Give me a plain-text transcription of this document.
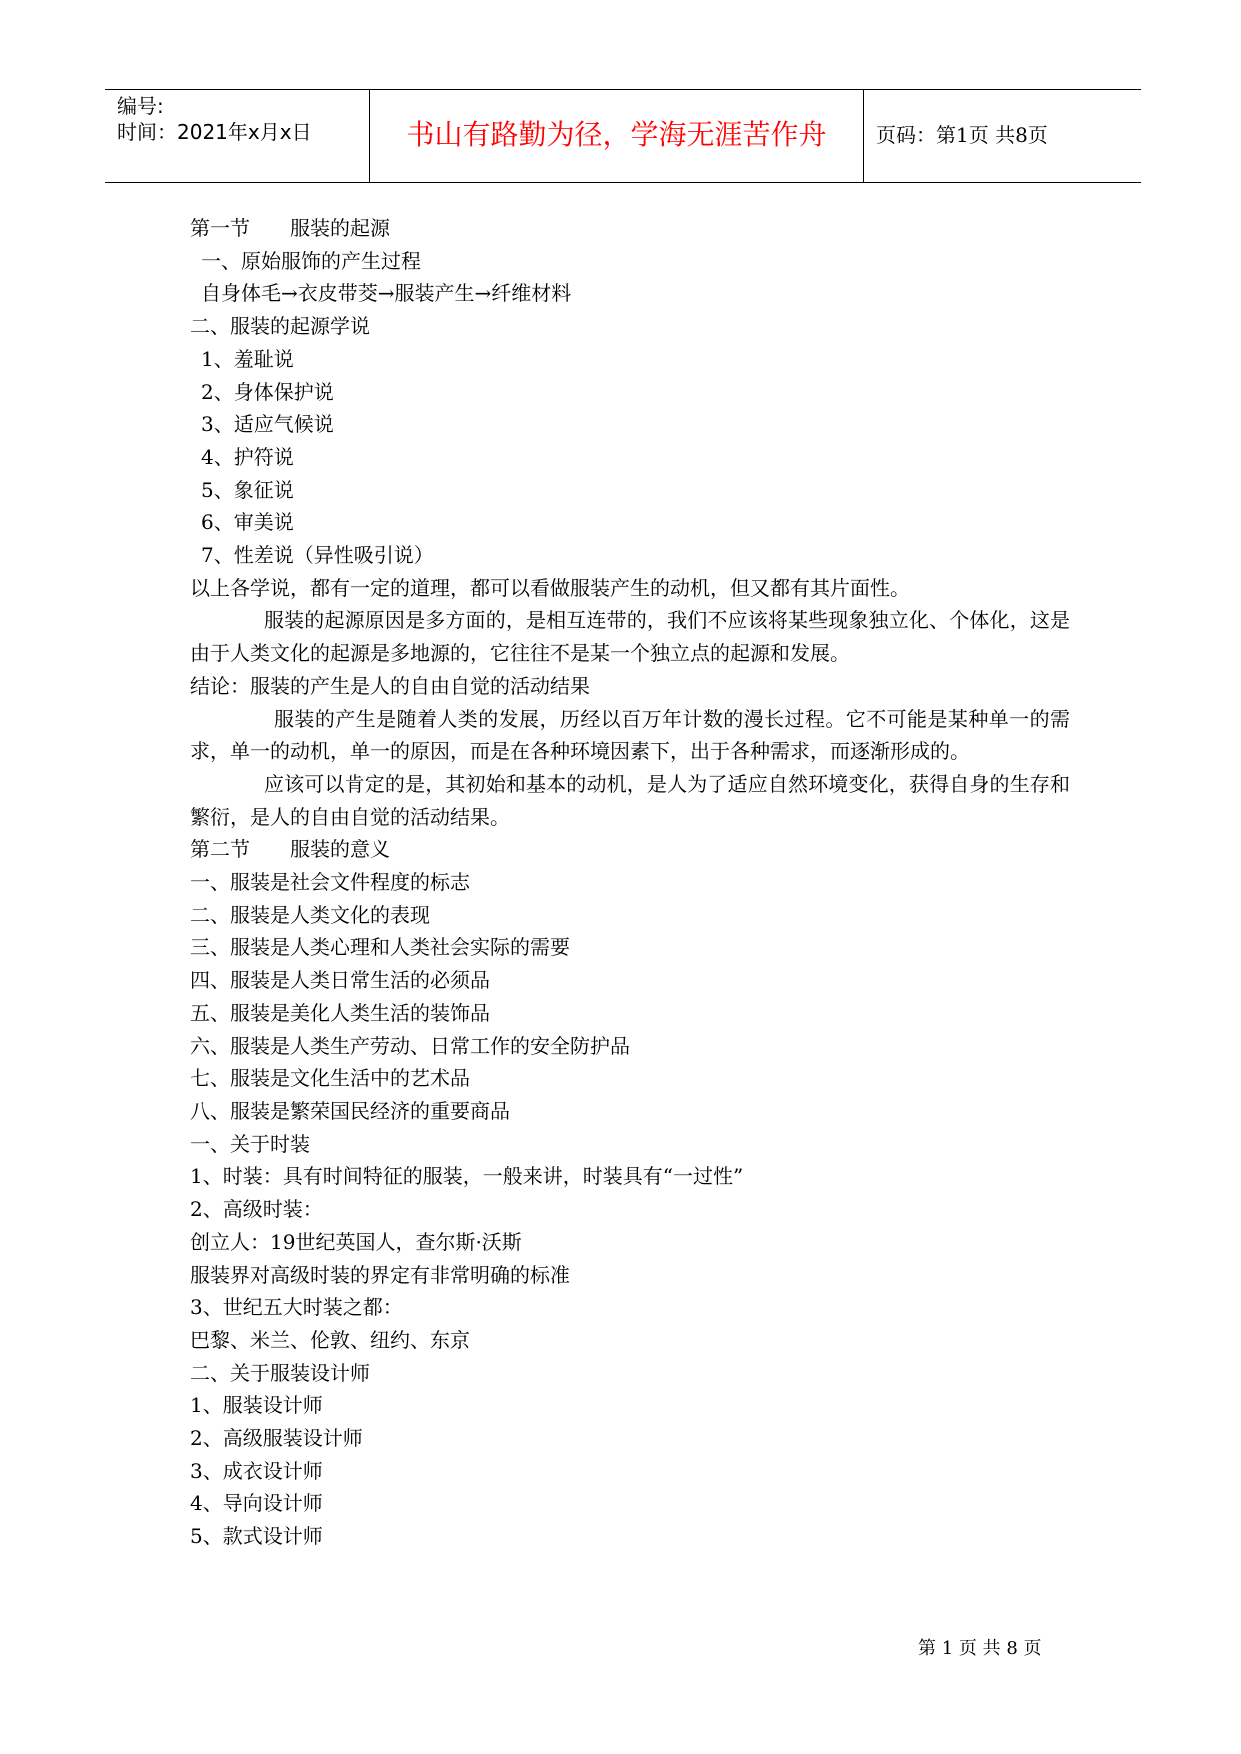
编号:
时间：2021年x月x日	书山有路勤为径，学海无涯苦作舟	页码：第1页 共8页

第一节　　服装的起源

一、原始服饰的产生过程

自身体毛→衣皮带茭→服装产生→纤维材料

二、服装的起源学说

1、羞耻说

2、身体保护说

3、适应气候说

4、护符说

5、象征说

6、审美说

7、性差说（异性吸引说）

以上各学说，都有一定的道理，都可以看做服装产生的动机，但又都有其片面性。

服装的起源原因是多方面的，是相互连带的，我们不应该将某些现象独立化、个体化，这是由于人类文化的起源是多地源的，它往往不是某一个独立点的起源和发展。

结论：服装的产生是人的自由自觉的活动结果

服装的产生是随着人类的发展，历经以百万年计数的漫长过程。它不可能是某种单一的需求，单一的动机，单一的原因，而是在各种环境因素下，出于各种需求，而逐渐形成的。

应该可以肯定的是，其初始和基本的动机，是人为了适应自然环境变化，获得自身的生存和繁衍，是人的自由自觉的活动结果。

第二节　　服装的意义

一、服装是社会文件程度的标志

二、服装是人类文化的表现

三、服装是人类心理和人类社会实际的需要

四、服装是人类日常生活的必须品

五、服装是美化人类生活的装饰品

六、服装是人类生产劳动、日常工作的安全防护品

七、服装是文化生活中的艺术品

八、服装是繁荣国民经济的重要商品

一、关于时装

1、时装：具有时间特征的服装，一般来讲，时装具有“一过性”

2、高级时装：

创立人：19世纪英国人，查尔斯·沃斯

服装界对高级时装的界定有非常明确的标准

3、世纪五大时装之都：

巴黎、米兰、伦敦、纽约、东京

二、关于服装设计师

1、服装设计师

2、高级服装设计师

3、成衣设计师

4、导向设计师

5、款式设计师

第 1 页 共 8 页
